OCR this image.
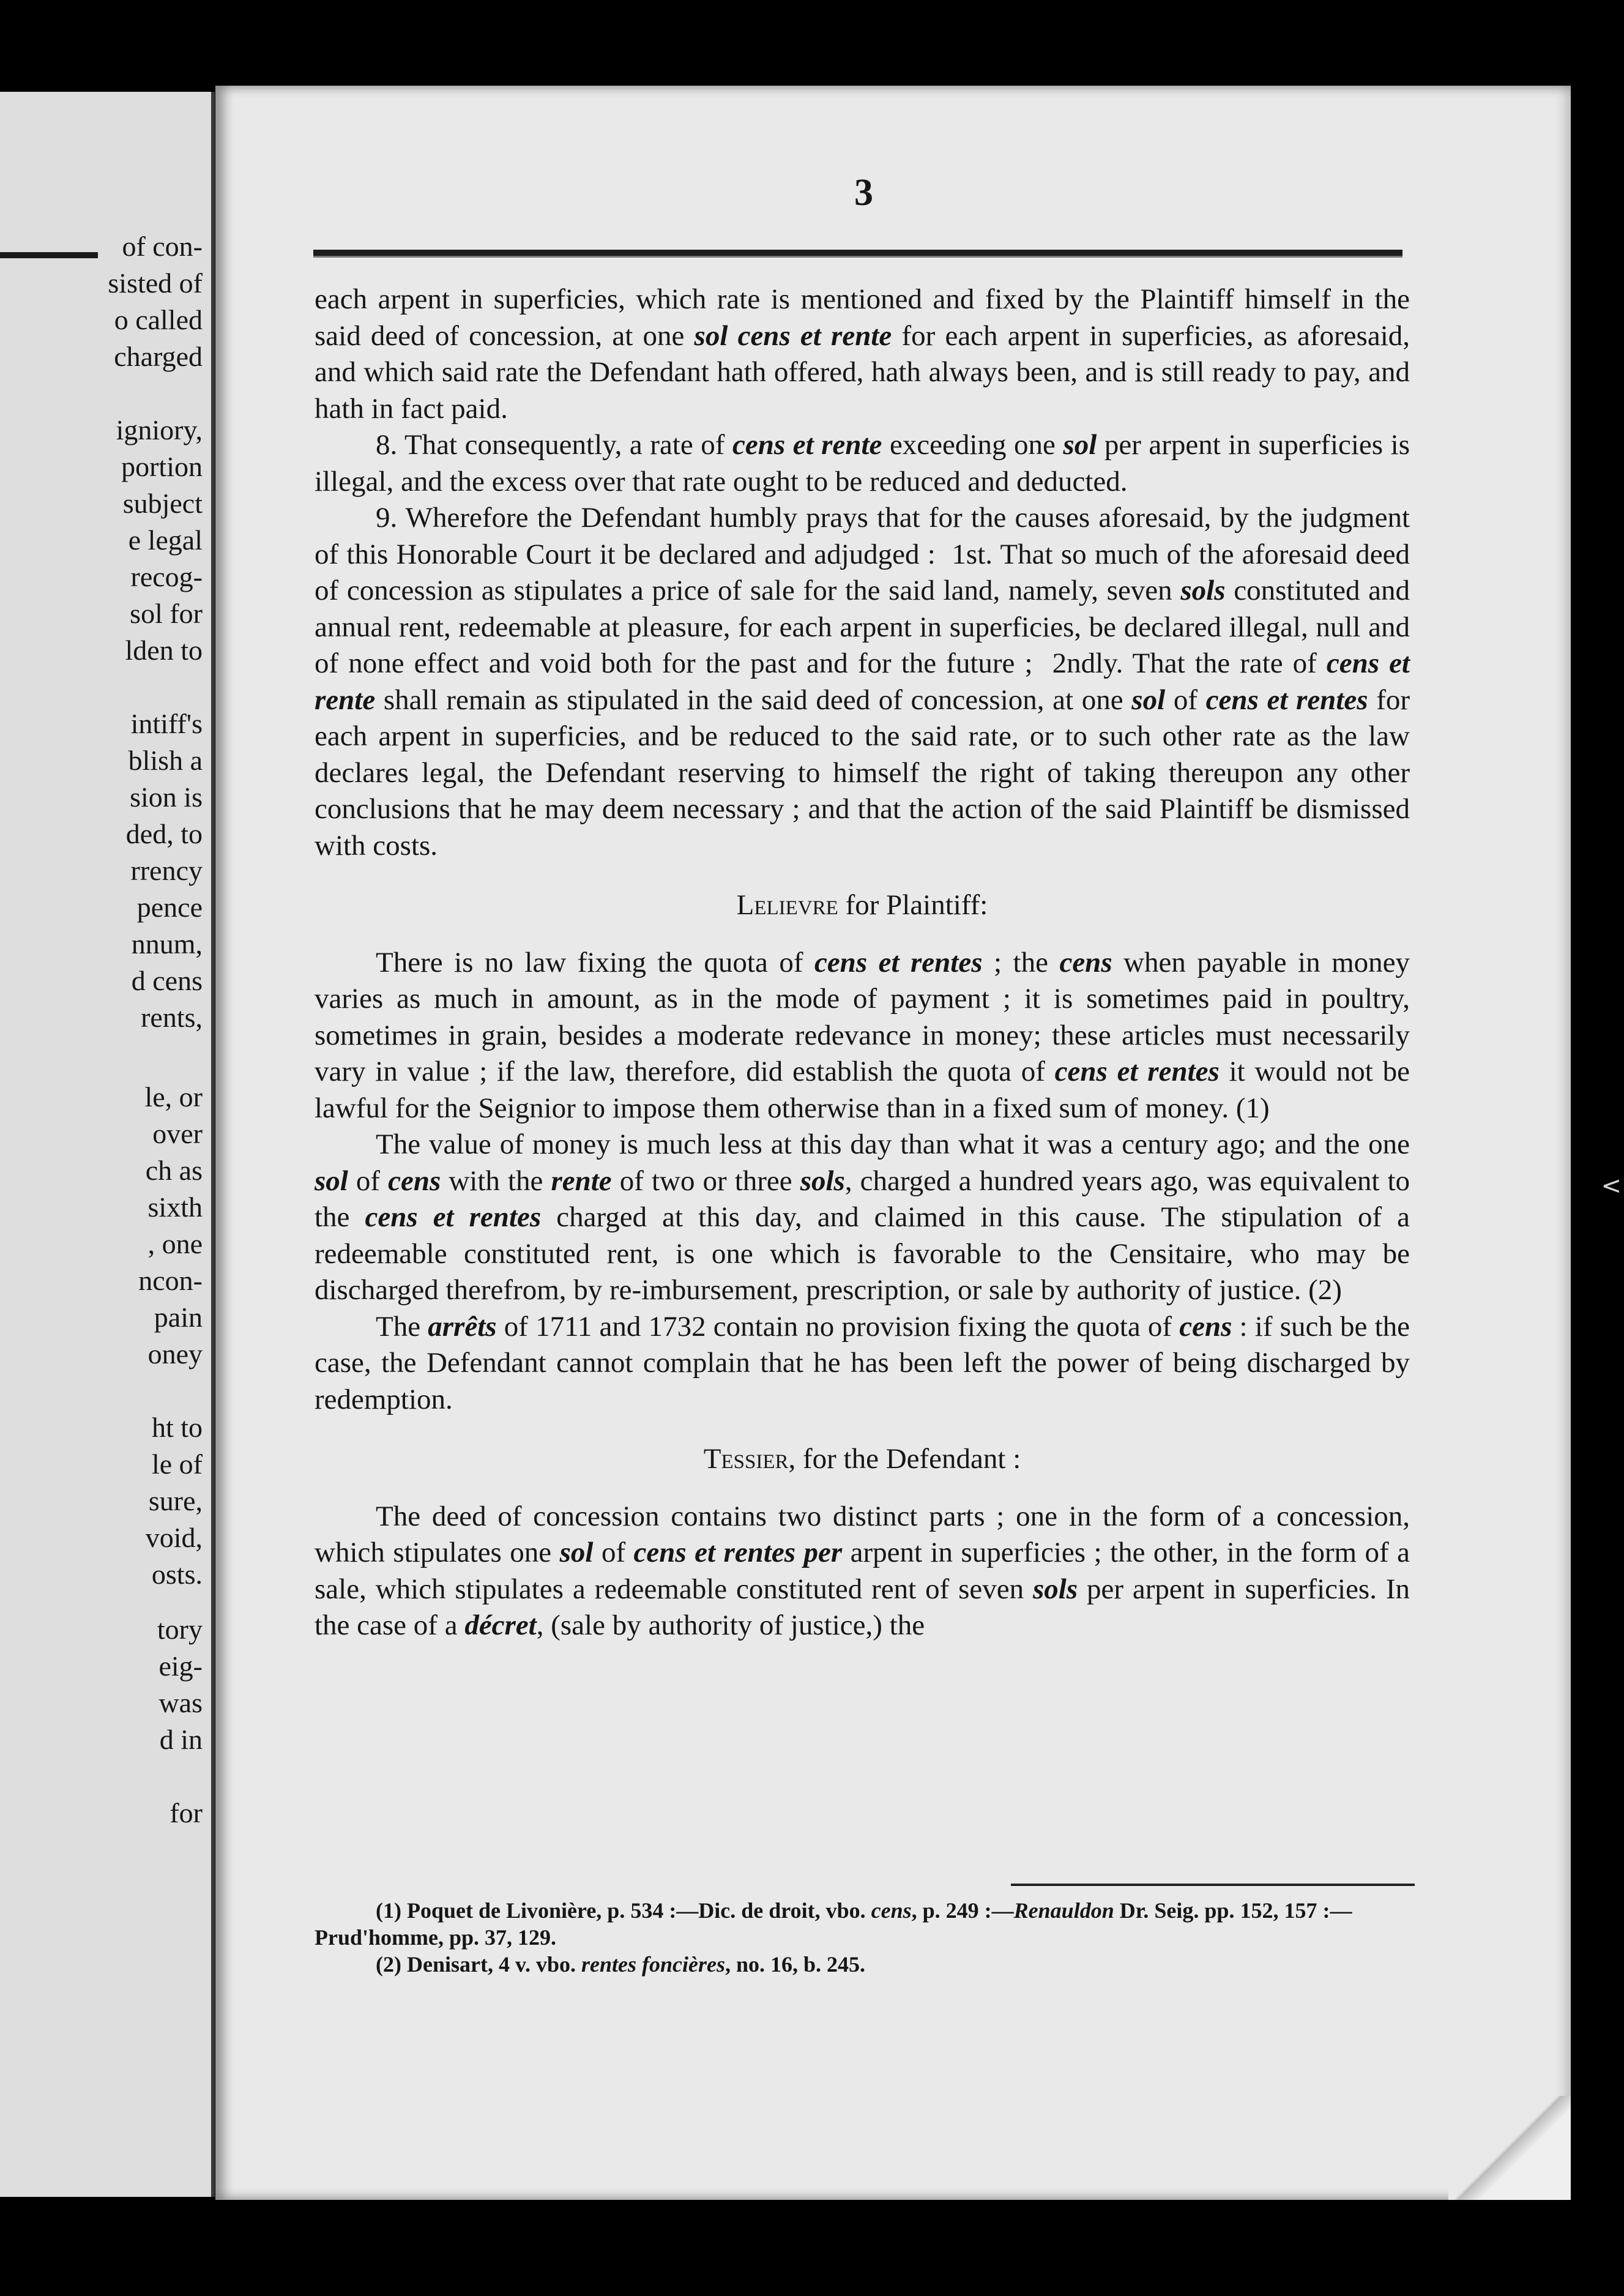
of con-
sisted of
o called
charged
igniory,
portion
subject
e legal
recog-
sol for
lden to
intiff's
blish a
sion is
ded, to
rrency
pence
nnum,
d cens
rents,
le, or
over
ch as
sixth
, one
ncon-
pain
oney
ht to
le of
sure,
void,
osts.
tory
eig-
was
d in
for
3

each arpent in superficies, which rate is mentioned and fixed by the Plaintiff himself in the said deed of concession, at one sol cens et rente for each arpent in superficies, as aforesaid, and which said rate the Defendant hath offered, hath always been, and is still ready to pay, and hath in fact paid.

8. That consequently, a rate of cens et rente exceeding one sol per arpent in superficies is illegal, and the excess over that rate ought to be reduced and deducted.

9. Wherefore the Defendant humbly prays that for the causes aforesaid, by the judgment of this Honorable Court it be declared and adjudged :  1st. That so much of the aforesaid deed of concession as stipulates a price of sale for the said land, namely, seven sols constituted and annual rent, redeemable at pleasure, for each arpent in superficies, be declared illegal, null and of none effect and void both for the past and for the future ;  2ndly. That the rate of cens et rente shall remain as stipulated in the said deed of concession, at one sol of cens et rentes for each arpent in superficies, and be reduced to the said rate, or to such other rate as the law declares legal, the Defendant reserving to himself the right of taking thereupon any other conclusions that he may deem necessary ; and that the action of the said Plaintiff be dismissed with costs.

Lelievre for Plaintiff:

There is no law fixing the quota of cens et rentes ; the cens when payable in money varies as much in amount, as in the mode of payment ; it is sometimes paid in poultry, sometimes in grain, besides a moderate redevance in money; these articles must necessarily vary in value ; if the law, therefore, did establish the quota of cens et rentes it would not be lawful for the Seignior to impose them otherwise than in a fixed sum of money. (1)

The value of money is much less at this day than what it was a century ago; and the one sol of cens with the rente of two or three sols, charged a hundred years ago, was equivalent to the cens et rentes charged at this day, and claimed in this cause. The stipulation of a redeemable constituted rent, is one which is favorable to the Censitaire, who may be discharged therefrom, by re-imbursement, prescription, or sale by authority of justice. (2)

The arrêts of 1711 and 1732 contain no provision fixing the quota of cens : if such be the case, the Defendant cannot complain that he has been left the power of being discharged by redemption.

Tessier, for the Defendant :

The deed of concession contains two distinct parts ; one in the form of a concession, which stipulates one sol of cens et rentes per arpent in superficies ; the other, in the form of a sale, which stipulates a redeemable constituted rent of seven sols per arpent in superficies. In the case of a décret, (sale by authority of justice,) the

(1) Poquet de Livonière, p. 534 :—Dic. de droit, vbo. cens, p. 249 :—Renauldon Dr. Seig. pp. 152, 157 :— Prud'homme, pp. 37, 129.

(2) Denisart, 4 v. vbo. rentes foncières, no. 16, b. 245.

<
